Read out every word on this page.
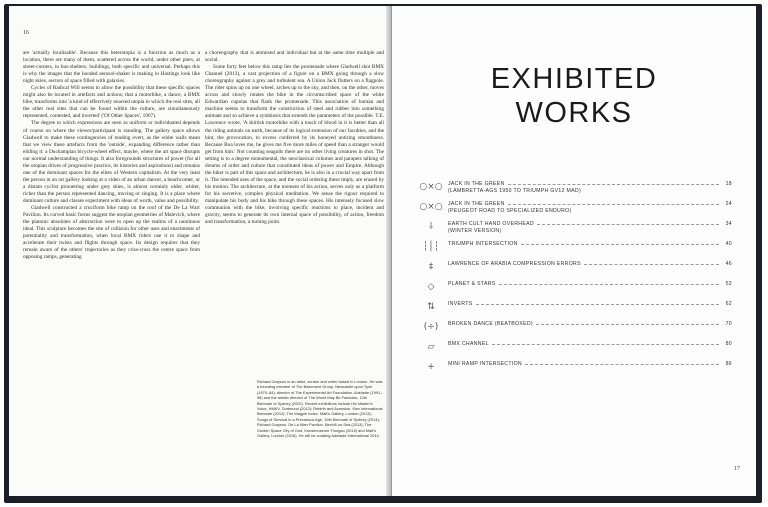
16

are 'actually localisable'. Because this heterotopia is a function as much as a location, there are many of them, scattered across the world, under other piers, at street-corners, in bus-shelters, buildings, both specific and universal. Perhaps this is why the images that the hooded aerosol-shaker is making in Hastings look like night skies, sectors of space filled with galaxies.

Cycles of Radical Will seems to allow the possibility that these specific spaces might also be located in artefacts and actions; that a motorbike, a dance, a BMX bike, transforms into 'a kind of effectively enacted utopia in which the real sites, all the other real sites that can be found within the culture, are simultaneously represented, contested, and inverted' ('Of Other Spaces', 1967).

The degree to which expressions are seen as uniform or individuated depends of course on where the viewer/participant is standing. The gallery space allows Gladwell to make these contingencies of reading overt, as the white walls mean that we view these artefacts from the 'outside', expanding difference rather than eliding it: a Duchampian bicycle-wheel effect, maybe, where the art space disrupts our normal understanding of things. It also foregrounds structures of power (for all the utopian drives of progressive practice, its histories and aspirations) and remains one of the dominant spaces for the elites of Western capitalism. At the very least the person in an art gallery looking at a video of an urban dancer, a beachcomer, or a distant cyclist pirouetting under grey skies, is almost certainly older, whiter, richer than the person represented dancing, moving or singing. It is a place where dominant culture and classes experiment with ideas of worth, value and possibility.

Gladwell constructed a cruciform bike ramp on the roof of the De La Warr Pavilion. Its curved basic forms suggest the utopian geometries of Malevich, where the platonic absolutes of abstraction were to open up the realms of a numinous ideal. This sculpture becomes the site of collision for other uses and enactments of potentiality and transformation, when local BMX riders use it to shape and accelerate their twists and flights through space. Its design requires that they remain aware of the others' trajectories as they criss-cross the centre space from opposing ramps, generating

a choreography that is atomised and individual but at the same time multiple and social.

Some forty feet below this ramp lies the promenade where Gladwell shot BMX Channel (2013), a vast projection of a figure on a BMX going through a slow choreography against a grey and turbulent sea. A Union Jack flutters on a flagpole. The rider spins up on one wheel, arches up to the sky, and then, on the other, moves across and slowly rotates the bike in the circumscribed space of the white Edwardian cupolas that flank the promenade. This association of human and machine seems to transform the construction of steel and rubber into something animate and so achieve a symbiosis that extends the parameters of the possible. T.E. Lawrence wrote, 'A skittish motorbike with a touch of blood in it is better than all the riding animals on earth, because of its logical extension of our faculties, and the hint, the provocation, to excess conferred by its honeyed untiring smoothness. Because Boa loves me, he gives me five more miles of speed than a stranger would get from him.' Not counting seagulls there are no other living creatures in shot. The setting is to a degree monumental, the neoclassical columns and parapets talking of dreams of order and culture that constituted ideas of power and Empire. Although the biker is part of this space and architecture, he is also in a crucial way apart from it. The intended uses of the space, and the social ordering these imply, are erased by his motion. The architecture, at the moment of his action, serves only as a platform for his secretive, complex physical meditation. We sense the rigour required to manipulate his body and his bike through these spaces. His intensely focused slow communion with the bike, involving specific reactions to place, incident and gravity, seems to generate its own internal space of possibility, of action, freedom and transformation, a turning point.

Richard Grayson is an artist, curator and writer based in London. He was a founding member of The Basement Group, Newcastle upon Tyne (1979–84), director of The Experimental Art Foundation, Adelaide (1991–98) and the artistic director of The World May Be Fantastic, 12th Biennale of Sydney (2002). Recent exhibitions include His Master's Voice, HMKV, Dortmund (2012); Rebirth and Acension, Kiev International Biennale (2012); The Magpie Index, Matt's Gallery, London (2013); Songs of Survival in a Precarious Age, 19th Biennale of Sydney (2014); Richard Grayson, De La Warr Pavilion, Bexhill-on-Sea (2013); The Golden Space City of God, Kunstmuseum Thurgau (2015) and Matt's Gallery, London (2016). He will be curating Adelaide International 2014.
EXHIBITED
WORKS
○×○	JACK IN THE GREEN	18
(LAMBRETTA-AGS 1950 TO TRIUMPH GV12 MAD)
○×○	JACK IN THE GREEN	24
(PEUGEOT ROAD TO SPECIALIZED ENDURO)
⸸	EARTH CULT HAND OVERHEAD	34
(WINTER VERSION)
┆│┆	TRIUMPH INTERSECTION	40
‡	LAWRENCE OF ARABIA COMPRESSION ERRORS	46
◇	PLANET & STARS	52
⇅	INVERTS	62
(÷)	BROKEN DANCE (BEATBOXED)	70
▱	BMX CHANNEL	80
+	MINI RAMP INTERSECTION	86
17
